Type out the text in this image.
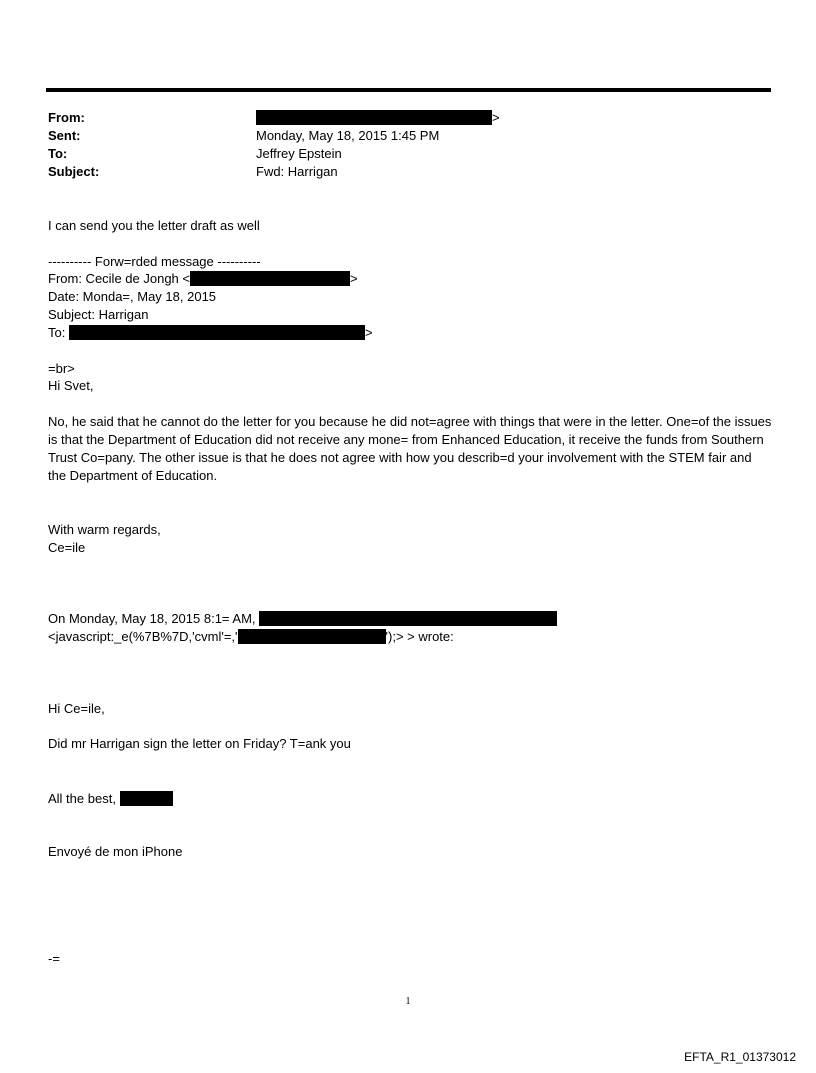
From:	>
Sent:	Monday, May 18, 2015 1:45 PM
To:	Jeffrey Epstein
Subject:	Fwd: Harrigan
I can send you the letter draft as well
---------- Forw=rded message ----------
From: Cecile de Jongh <	>
Date: Monda=, May 18, 2015
Subject: Harrigan
To:	>
=br>
Hi Svet,
No, he said that he cannot do the letter for you because he did not=agree with things that were in the letter. One=of the issues is that the Department of Education did not receive any mone= from Enhanced Education, it receive the funds from Southern Trust Co=pany. The other issue is that he does not agree with how you describ=d your involvement with the STEM fair and the Department of Education.
With warm regards,
Ce=ile
On Monday, May 18, 2015 8:1= AM,
<javascript:_e(%7B%7D,'cvml'=,'	');> > wrote:
Hi Ce=ile,
Did mr Harrigan sign the letter on Friday? T=ank you
All the best,
Envoyé de mon iPhone
-=
1
EFTA_R1_01373012
